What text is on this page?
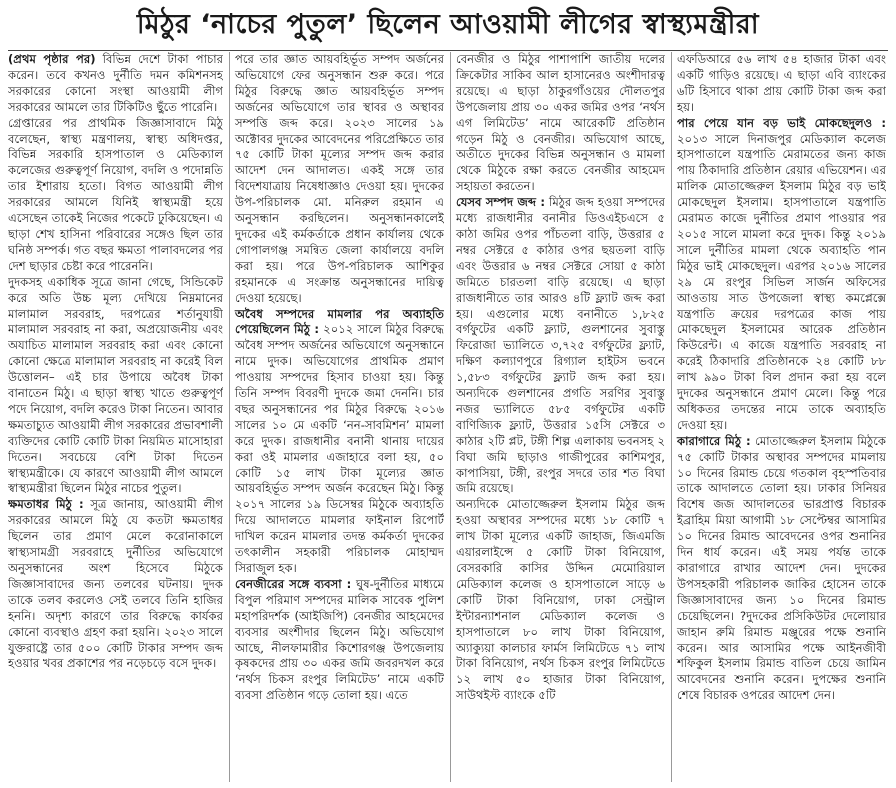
মিঠুর ‘নাচের পুতুল’ ছিলেন আওয়ামী লীগের স্বাস্থ্যমন্ত্রীরা

(প্রথম পৃষ্ঠার পর) বিভিন্ন দেশে টাকা পাচার করেন। তবে কখনও দুর্নীতি দমন কমিশনসহ সরকারের কোনো সংস্থা আওয়ামী লীগ সরকারের আমলে তার টিকিটিও ছুঁতে পারেনি।

গ্রেপ্তারের পর প্রাথমিক জিজ্ঞাসাবাদে মিঠু বলেছেন, স্বাস্থ্য মন্ত্রণালয়, স্বাস্থ্য অধিদপ্তর, বিভিন্ন সরকারি হাসপাতাল ও মেডিক্যাল কলেজের গুরুত্বপূর্ণ নিয়োগ, বদলি ও পদোন্নতি তার ইশারায় হতো। বিগত আওয়ামী লীগ সরকারের আমলে যিনিই স্বাস্থ্যমন্ত্রী হয়ে এসেছেন তাকেই নিজের পকেটে ঢুকিয়েছেন। এ ছাড়া শেখ হাসিনা পরিবারের সঙ্গেও ছিল তার ঘনিষ্ঠ সম্পর্ক। গত বছর ক্ষমতা পালাবদলের পর দেশ ছাড়ার চেষ্টা করে পারেননি।

দুদকসহ একাধিক সূত্রে জানা গেছে, সিন্ডিকেট করে অতি উচ্চ মূল্য দেখিয়ে নিম্নমানের মালামাল সরবরাহ, দরপত্রের শর্তানুযায়ী মালামাল সরবরাহ না করা, অপ্রয়োজনীয় এবং অযাচিত মালামাল সরবরাহ করা এবং কোনো কোনো ক্ষেত্রে মালামাল সরবরাহ না করেই বিল উত্তোলন– এই চার উপায়ে অবৈধ টাকা বানাতেন মিঠু। এ ছাড়া স্বাস্থ্য খাতে গুরুত্বপূর্ণ পদে নিয়োগ, বদলি করেও টাকা নিতেন। আবার ক্ষমতাচ্যুত আওয়ামী লীগ সরকারের প্রভাবশালী ব্যক্তিদের কোটি কোটি টাকা নিয়মিত মাসোহারা দিতেন। সবচেয়ে বেশি টাকা দিতেন স্বাস্থ্যমন্ত্রীকে। যে কারণে আওয়ামী লীগ আমলে স্বাস্থ্যমন্ত্রীরা ছিলেন মিঠুর নাচের পুতুল।

ক্ষমতাধর মিঠু : সূত্র জানায়, আওয়ামী লীগ সরকারের আমলে মিঠু যে কতটা ক্ষমতাধর ছিলেন তার প্রমাণ মেলে করোনাকালে স্বাস্থ্যসামগ্রী সরবরাহে দুর্নীতির অভিযোগে অনুসন্ধানের অংশ হিসেবে মিঠুকে জিজ্ঞাসাবাদের জন্য তলবের ঘটনায়। দুদক তাকে তলব করলেও সেই তলবে তিনি হাজির হননি। অদৃশ্য কারণে তার বিরুদ্ধে কার্যকর কোনো ব্যবস্থাও গ্রহণ করা হয়নি। ২০২৩ সালে যুক্তরাষ্ট্রে তার ৫০০ কোটি টাকার সম্পদ জব্দ হওয়ার খবর প্রকাশের পর নড়েচড়ে বসে দুদক।

পরে তার জ্ঞাত আয়বহির্ভূত সম্পদ অর্জনের অভিযোগে ফের অনুসন্ধান শুরু করে। পরে মিঠুর বিরুদ্ধে জ্ঞাত আয়বহির্ভূত সম্পদ অর্জনের অভিযোগে তার স্থাবর ও অস্থাবর সম্পত্তি জব্দ করে। ২০২৩ সালের ১৯ অক্টোবর দুদকের আবেদনের পরিপ্রেক্ষিতে তার ৭৫ কোটি টাকা মূল্যের সম্পদ জব্দ করার আদেশ দেন আদালত। একই সঙ্গে তার বিদেশযাত্রায় নিষেধাজ্ঞাও দেওয়া হয়। দুদকের উপ-পরিচালক মো. মনিরুল রহমান এ অনুসন্ধান করছিলেন। অনুসন্ধানকালেই দুদকের এই কর্মকর্তাকে প্রধান কার্যালয় থেকে গোপালগঞ্জ সমন্বিত জেলা কার্যালয়ে বদলি করা হয়। পরে উপ-পরিচালক আশিকুর রহমানকে এ সংক্রান্ত অনুসন্ধানের দায়িত্ব দেওয়া হয়েছে।

অবৈধ সম্পদের মামলার পর অব্যাহতি পেয়েছিলেন মিঠু : ২০১২ সালে মিঠুর বিরুদ্ধে অবৈধ সম্পদ অর্জনের অভিযোগে অনুসন্ধানে নামে দুদক। অভিযোগের প্রাথমিক প্রমাণ পাওয়ায় সম্পদের হিসাব চাওয়া হয়। কিন্তু তিনি সম্পদ বিবরণী দুদকে জমা দেননি। চার বছর অনুসন্ধানের পর মিঠুর বিরুদ্ধে ২০১৬ সালের ১০ মে একটি ‘নন-সাবমিশন’ মামলা করে দুদক। রাজধানীর বনানী থানায় দায়ের করা ওই মামলার এজাহারে বলা হয়, ৫০ কোটি ১৫ লাখ টাকা মূল্যের জ্ঞাত আয়বহির্ভূত সম্পদ অর্জন করেছেন মিঠু। কিন্তু ২০১৭ সালের ১৯ ডিসেম্বর মিঠুকে অব্যাহতি দিয়ে আদালতে মামলার ফাইনাল রিপোর্ট দাখিল করেন মামলার তদন্ত কর্মকর্তা দুদকের তৎকালীন সহকারী পরিচালক মোহাম্মদ সিরাজুল হক।

বেনজীরের সঙ্গে ব্যবসা : ঘুষ-দুর্নীতির মাধ্যমে বিপুল পরিমাণ সম্পদের মালিক সাবেক পুলিশ মহাপরিদর্শক (আইজিপি) বেনজীর আহমেদের ব্যবসার অংশীদার ছিলেন মিঠু। অভিযোগ আছে, নীলফামারীর কিশোরগঞ্জ উপজেলায় কৃষকদের প্রায় ৩০ একর জমি জবরদখল করে ‘নর্থস চিকস রংপুর লিমিটেড’ নামে একটি ব্যবসা প্রতিষ্ঠান গড়ে তোলা হয়। এতে

বেনজীর ও মিঠুর পাশাপাশি জাতীয় দলের ক্রিকেটার সাকিব আল হাসানেরও অংশীদারত্ব রয়েছে। এ ছাড়া ঠাকুরগাঁওয়ের দৌলতপুর উপজেলায় প্রায় ৩০ একর জমির ওপর ‘নর্থস এগ লিমিটেড’ নামে আরেকটি প্রতিষ্ঠান গড়েন মিঠু ও বেনজীর। অভিযোগ আছে, অতীতে দুদকের বিভিন্ন অনুসন্ধান ও মামলা থেকে মিঠুকে রক্ষা করতে বেনজীর আহমেদ সহায়তা করতেন।

যেসব সম্পদ জব্দ : মিঠুর জব্দ হওয়া সম্পদের মধ্যে রাজধানীর বনানীর ডিওএইচএসে ৫ কাঠা জমির ওপর পাঁচতলা বাড়ি, উত্তরার ৫ নম্বর সেক্টরে ৫ কাঠার ওপর ছয়তলা বাড়ি এবং উত্তরার ৬ নম্বর সেক্টরে সোয়া ৫ কাঠা জমিতে চারতলা বাড়ি রয়েছে। এ ছাড়া রাজধানীতে তার আরও ৪টি ফ্ল্যাট জব্দ করা হয়। এগুলোর মধ্যে বনানীতে ১,৮২৫ বর্গফুটের একটি ফ্ল্যাট, গুলশানের সুবাস্তু ফিরোজা ভ্যালিতে ৩,৭২৫ বর্গফুটের ফ্ল্যাট, দক্ষিণ কল্যাণপুরে রিগ্যাল হাইটস ভবনে ১,৫৮৩ বর্গফুটের ফ্ল্যাট জব্দ করা হয়। অন্যদিকে গুলশানের প্রগতি সরণির সুবাস্তু নজর ভ্যালিতে ৫৮৫ বর্গফুটের একটি বাণিজ্যিক ফ্ল্যাট, উত্তরার ১৫সি সেক্টরে ৩ কাঠার ২টি প্লট, টঙ্গী শিল্প এলাকায় ভবনসহ ২ বিঘা জমি ছাড়াও গাজীপুরের কাশিমপুর, কাপাসিয়া, টঙ্গী, রংপুর সদরে তার শত বিঘা জমি রয়েছে।

অন্যদিকে মোতাজ্জেরুল ইসলাম মিঠুর জব্দ হওয়া অস্থাবর সম্পদের মধ্যে ১৮ কোটি ৭ লাখ টাকা মূল্যের একটি জাহাজ, জিএমজি এয়ারলাইন্সে ৫ কোটি টাকা বিনিয়োগ, বেসরকারি কাসির উদ্দিন মেমোরিয়াল মেডিক্যাল কলেজ ও হাসপাতালে সাড়ে ৬ কোটি টাকা বিনিয়োগ, ঢাকা সেন্ট্রাল ইন্টারন্যাশনাল মেডিক্যাল কলেজ ও হাসপাতালে ৮০ লাখ টাকা বিনিয়োগ, অ্যাক্যুয়া কালচার ফার্মস লিমিটেডে ৭১ লাখ টাকা বিনিয়োগ, নর্থস চিকস রংপুর লিমিটেডে ১২ লাখ ৫০ হাজার টাকা বিনিয়োগ, সাউথইস্ট ব্যাংকে ৫টি

এফডিআরে ৫৬ লাখ ৫৪ হাজার টাকা এবং একটি গাড়িও রয়েছে। এ ছাড়া এবি ব্যাংকের ৬টি হিসাবে থাকা প্রায় কোটি টাকা জব্দ করা হয়।

পার পেয়ে যান বড় ভাই মোকছেদুলও : ২০১৩ সালে দিনাজপুর মেডিক্যাল কলেজ হাসপাতালে যন্ত্রপাতি মেরামতের জন্য কাজ পায় ঠিকাদারি প্রতিষ্ঠান রেয়ার এভিয়েশন। এর মালিক মোতাজ্জেরুল ইসলাম মিঠুর বড় ভাই মোকছেদুল ইসলাম। হাসপাতালে যন্ত্রপাতি মেরামত কাজে দুর্নীতির প্রমাণ পাওয়ার পর ২০১৫ সালে মামলা করে দুদক। কিন্তু ২০১৯ সালে দুর্নীতির মামলা থেকে অব্যাহতি পান মিঠুর ভাই মোকছেদুল। এরপর ২০১৬ সালের ২৯ মে রংপুর সিভিল সার্জন অফিসের আওতায় সাত উপজেলা স্বাস্থ্য কমপ্লেক্সে যন্ত্রপাতি ক্রয়ের দরপত্রের কাজ পায় মোকছেদুল ইসলামের আরেক প্রতিষ্ঠান কিউরেন্ট। এ কাজে যন্ত্রপাতি সরবরাহ না করেই ঠিকাদারি প্রতিষ্ঠানকে ২৪ কোটি ৮৮ লাখ ৯৯০ টাকা বিল প্রদান করা হয় বলে দুদকের অনুসন্ধানে প্রমাণ মেলে। কিন্তু পরে অধিকতর তদন্তের নামে তাকে অব্যাহতি দেওয়া হয়।

কারাগারে মিঠু : মোতাজ্জেরুল ইসলাম মিঠুকে ৭৫ কোটি টাকার অস্থাবর সম্পদের মামলায় ১০ দিনের রিমান্ড চেয়ে গতকাল বৃহস্পতিবার তাকে আদালতে তোলা হয়। ঢাকার সিনিয়র বিশেষ জজ আদালতের ভারপ্রাপ্ত বিচারক ইব্রাহিম মিয়া আগামী ১৮ সেপ্টেম্বর আসামির ১০ দিনের রিমান্ড আবেদনের ওপর শুনানির দিন ধার্য করেন। এই সময় পর্যন্ত তাকে কারাগারে রাখার আদেশ দেন। দুদকের উপসহকারী পরিচালক জাকির হোসেন তাকে জিজ্ঞাসাবাদের জন্য ১০ দিনের রিমান্ড চেয়েছিলেন। ?দুদকের প্রসিকিউটর দেলোয়ার জাহান রুমি রিমান্ড মঞ্জুরের পক্ষে শুনানি করেন। আর আসামির পক্ষে আইনজীবী শফিকুল ইসলাম রিমান্ড বাতিল চেয়ে জামিন আবেদনের শুনানি করেন। দুপক্ষের শুনানি শেষে বিচারক ওপরের আদেশ দেন।
